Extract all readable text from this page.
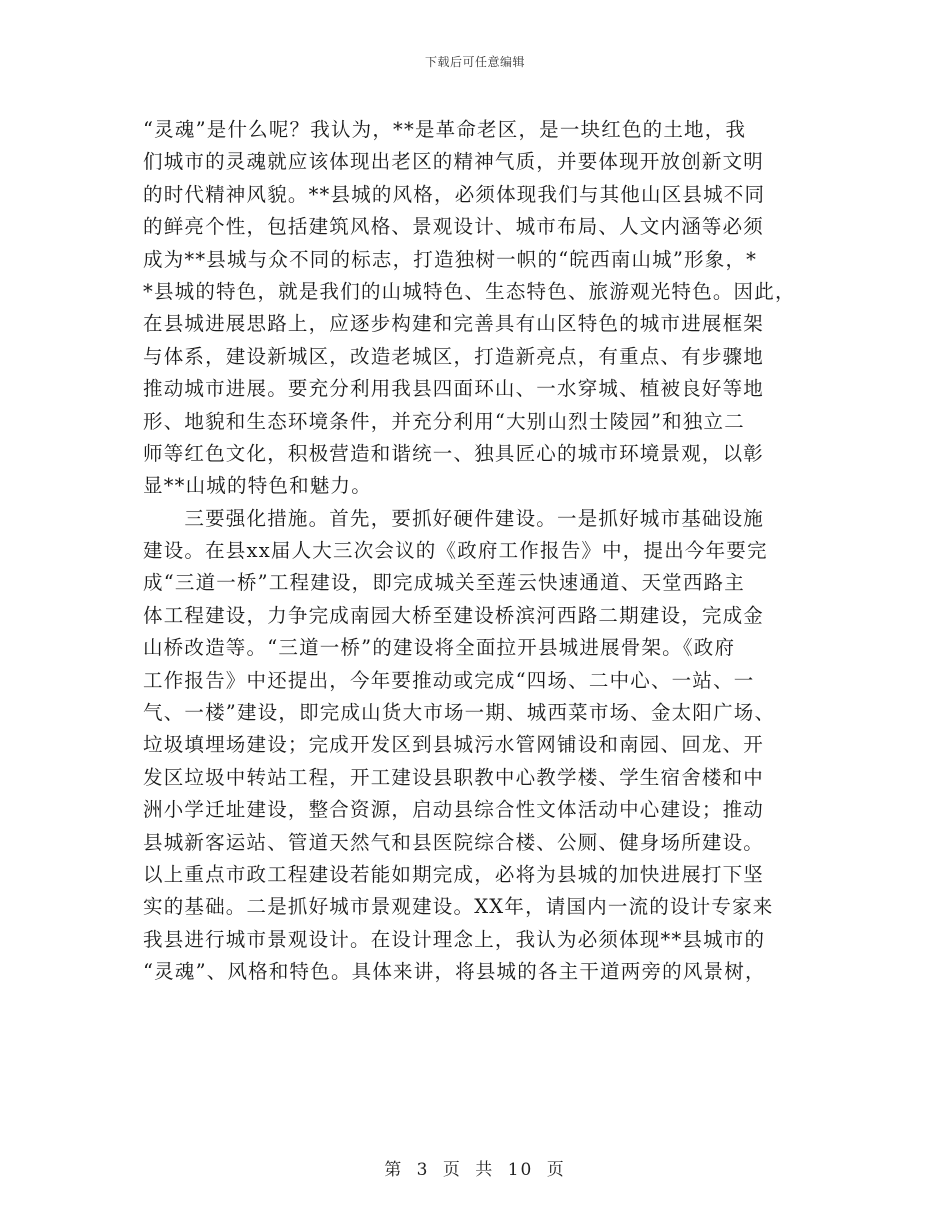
下载后可任意编辑
“灵魂”是什么呢？我认为，**是革命老区，是一块红色的土地，我
们城市的灵魂就应该体现出老区的精神气质，并要体现开放创新文明
的时代精神风貌。**县城的风格，必须体现我们与其他山区县城不同
的鲜亮个性，包括建筑风格、景观设计、城市布局、人文内涵等必须
成为**县城与众不同的标志，打造独树一帜的“皖西南山城”形象，*
*县城的特色，就是我们的山城特色、生态特色、旅游观光特色。因此，
在县城进展思路上，应逐步构建和完善具有山区特色的城市进展框架
与体系，建设新城区，改造老城区，打造新亮点，有重点、有步骤地
推动城市进展。要充分利用我县四面环山、一水穿城、植被良好等地
形、地貌和生态环境条件，并充分利用“大别山烈士陵园”和独立二
师等红色文化，积极营造和谐统一、独具匠心的城市环境景观，以彰
显**山城的特色和魅力。
　　三要强化措施。首先，要抓好硬件建设。一是抓好城市基础设施
建设。在县xx届人大三次会议的《政府工作报告》中，提出今年要完
成“三道一桥”工程建设，即完成城关至莲云快速通道、天堂西路主
体工程建设，力争完成南园大桥至建设桥滨河西路二期建设，完成金
山桥改造等。“三道一桥”的建设将全面拉开县城进展骨架。《政府
工作报告》中还提出，今年要推动或完成“四场、二中心、一站、一
气、一楼”建设，即完成山货大市场一期、城西菜市场、金太阳广场、
垃圾填埋场建设；完成开发区到县城污水管网铺设和南园、回龙、开
发区垃圾中转站工程，开工建设县职教中心教学楼、学生宿舍楼和中
洲小学迁址建设，整合资源，启动县综合性文体活动中心建设；推动
县城新客运站、管道天然气和县医院综合楼、公厕、健身场所建设。
以上重点市政工程建设若能如期完成，必将为县城的加快进展打下坚
实的基础。二是抓好城市景观建设。XX年，请国内一流的设计专家来
我县进行城市景观设计。在设计理念上，我认为必须体现**县城市的
“灵魂”、风格和特色。具体来讲，将县城的各主干道两旁的风景树，
第 3 页 共 10 页
